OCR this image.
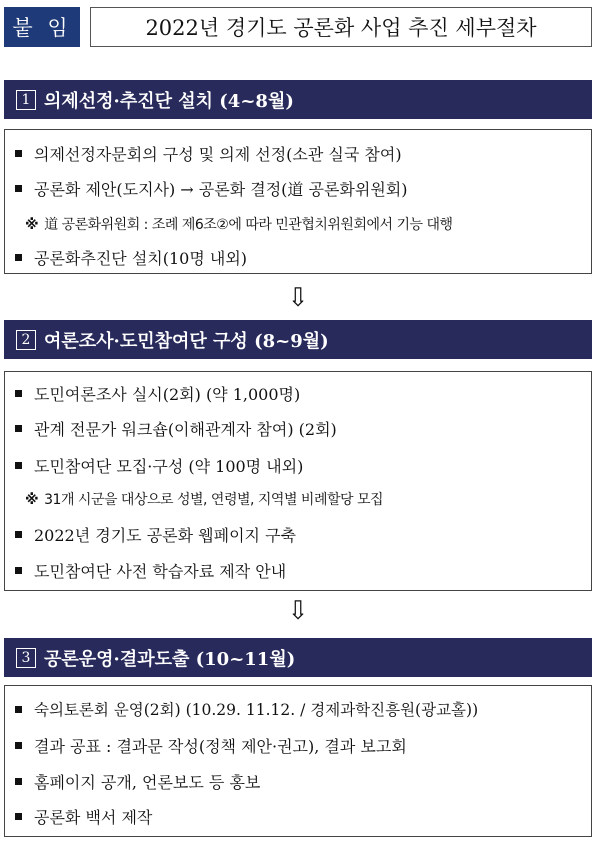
붙 임	2022년 경기도 공론화 사업 추진 세부절차
1 의제선정·추진단 설치 (4~8월)
의제선정자문회의 구성 및 의제 선정(소관 실국 참여)
공론화 제안(도지사) → 공론화 결정(道 공론화위원회)
※ 道 공론화위원회 : 조례 제6조②에 따라 민관협치위원회에서 기능 대행
공론화추진단 설치(10명 내외)
⇩
2 여론조사·도민참여단 구성 (8~9월)
도민여론조사 실시(2회) (약 1,000명)
관계 전문가 워크숍(이해관계자 참여) (2회)
도민참여단 모집·구성 (약 100명 내외)
※ 31개 시군을 대상으로 성별, 연령별, 지역별 비례할당 모집
2022년 경기도 공론화 웹페이지 구축
도민참여단 사전 학습자료 제작 안내
⇩
3 공론운영·결과도출 (10~11월)
숙의토론회 운영(2회) (10.29. 11.12. / 경제과학진흥원(광교홀))
결과 공표 : 결과문 작성(정책 제안·권고), 결과 보고회
홈페이지 공개, 언론보도 등 홍보
공론화 백서 제작
